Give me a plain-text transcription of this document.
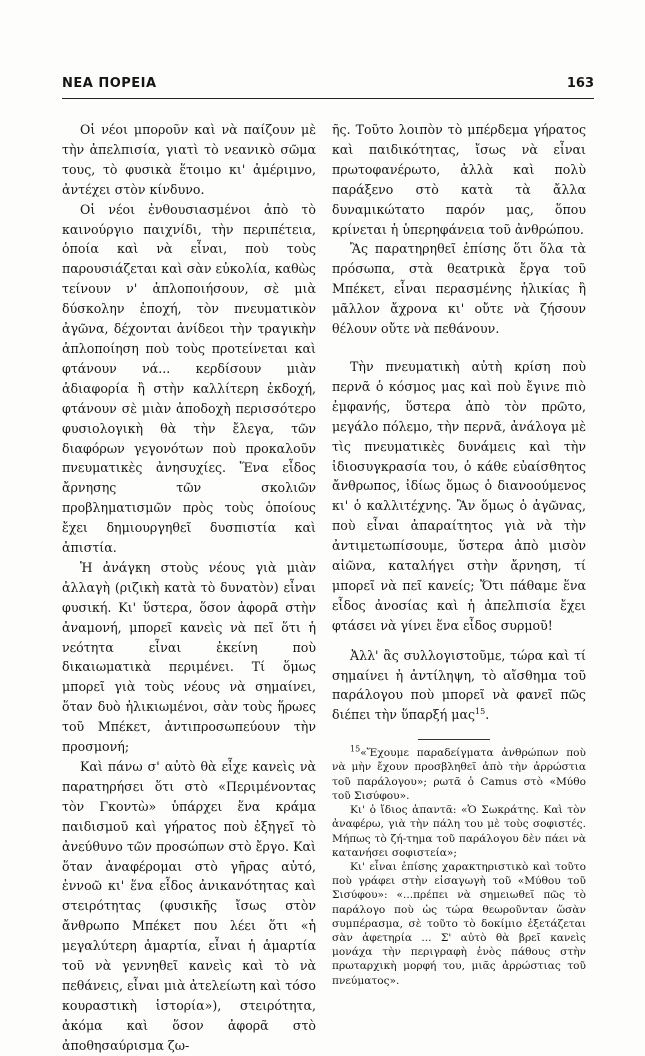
ΝΕΑ ΠΟΡΕΙΑ	163

Οἱ νέοι μποροῦν καὶ νὰ παίζουν μὲ τὴν ἀπελπισία, γιατὶ τὸ νεανικὸ σῶμα τους, τὸ φυσικὰ ἕτοιμο κι' ἀμέριμνο, ἀντέχει στὸν κίνδυνο.

Οἱ νέοι ἐνθουσιασμένοι ἀπὸ τὸ καινούργιο παιχνίδι, τὴν περιπέτεια, ὁποία καὶ νὰ εἶναι, ποὺ τοὺς παρουσιάζεται καὶ σὰν εὐκολία, καθὼς τείνουν ν' ἀπλοποιήσουν, σὲ μιὰ δύσκολην ἐποχή, τὸν πνευματικὸν ἀγῶνα, δέχονται ἀνίδεοι τὴν τραγικὴν ἀπλοποίηση ποὺ τοὺς προτείνεται καὶ φτάνουν νά... κερδίσουν μιὰν ἀδιαφορία ἢ στὴν καλλίτερη ἐκδοχή, φτάνουν σὲ μιὰν ἀποδοχὴ περισσότερο φυσιολογικὴ θὰ τὴν ἔλεγα, τῶν διαφόρων γεγονότων ποὺ προκαλοῦν πνευματικὲς ἀνησυχίες. Ἕνα εἶδος ἄρνησης τῶν σκολιῶν προβληματισμῶν πρὸς τοὺς ὁποίους ἔχει δημιουργηθεῖ δυσπιστία καὶ ἀπιστία.

Ἡ ἀνάγκη στοὺς νέους γιὰ μιὰν ἀλλαγὴ (ριζικὴ κατὰ τὸ δυνατὸν) εἶναι φυσική. Κι' ὕστερα, ὅσον ἀφορᾶ στὴν ἀναμονή, μπορεῖ κανεὶς νὰ πεῖ ὅτι ἡ νεότητα εἶναι ἐκείνη ποὺ δικαιωματικὰ περιμένει. Τί ὅμως μπορεῖ γιὰ τοὺς νέους νὰ σημαίνει, ὅταν δυὸ ἡλικιωμένοι, σὰν τοὺς ἥρωες τοῦ Μπέκετ, ἀντιπροσωπεύουν τὴν προσμονή;

Καὶ πάνω σ' αὐτὸ θὰ εἶχε κανεὶς νὰ παρατηρήσει ὅτι στὸ «Περιμένοντας τὸν Γκοντὼ» ὑπάρχει ἕνα κράμα παιδισμοῦ καὶ γήρατος ποὺ ἐξηγεῖ τὸ ἀνεύθυνο τῶν προσώπων στὸ ἔργο. Καὶ ὅταν ἀναφέρομαι στὸ γῆρας αὐτό, ἐννοῶ κι' ἕνα εἶδος ἀνικανότητας καὶ στειρότητας (φυσικῆς ἴσως στὸν ἄνθρωπο Μπέκετ που λέει ὅτι «ἡ μεγαλύτερη ἁμαρτία, εἶναι ἡ ἁμαρτία τοῦ νὰ γεννηθεῖ κανεὶς καὶ τὸ νὰ πεθάνεις, εἶναι μιὰ ἀτελείωτη καὶ τόσο κουραστικὴ ἱστορία»), στειρότητα, ἀκόμα καὶ ὅσον ἀφορᾶ στὸ ἀποθησαύρισμα ζω-

ῆς. Τοῦτο λοιπὸν τὸ μπέρδεμα γήρατος καὶ παιδικότητας, ἴσως νὰ εἶναι πρωτοφανέρωτο, ἀλλὰ καὶ πολὺ παράξενο στὸ κατὰ τὰ ἄλλα δυναμικώτατο παρόν μας, ὅπου κρίνεται ἡ ὑπερηφάνεια τοῦ ἀνθρώπου.

Ἂς παρατηρηθεῖ ἐπίσης ὅτι ὅλα τὰ πρόσωπα, στὰ θεατρικὰ ἔργα τοῦ Μπέκετ, εἶναι περασμένης ἡλικίας ἢ μᾶλλον ἄχρονα κι' οὔτε νὰ ζήσουν θέλουν οὔτε νὰ πεθάνουν.

Τὴν πνευματικὴ αὐτὴ κρίση ποὺ περνᾶ ὁ κόσμος μας καὶ ποὺ ἔγινε πιὸ ἐμφανής, ὕστερα ἀπὸ τὸν πρῶτο, μεγάλο πόλεμο, τὴν περνᾶ, ἀνάλογα μὲ τὶς πνευματικὲς δυνάμεις καὶ τὴν ἰδιοσυγκρασία του, ὁ κάθε εὐαίσθητος ἄνθρωπος, ἰδίως ὅμως ὁ διανοούμενος κι' ὁ καλλιτέχνης. Ἂν ὅμως ὁ ἀγῶνας, ποὺ εἶναι ἀπαραίτητος γιὰ νὰ τὴν ἀντιμετωπίσουμε, ὕστερα ἀπὸ μισὸν αἰῶνα, καταλήγει στὴν ἄρνηση, τί μπορεῖ νὰ πεῖ κανείς; Ὅτι πάθαμε ἕνα εἶδος ἀνοσίας καὶ ἡ ἀπελπισία ἔχει φτάσει νὰ γίνει ἕνα εἶδος συρμοῦ!

Ἀλλ' ἂς συλλογιστοῦμε, τώρα καὶ τί σημαίνει ἡ ἀντίληψη, τὸ αἴσθημα τοῦ παράλογου ποὺ μπορεῖ νὰ φανεῖ πῶς διέπει τὴν ὕπαρξή μας$^{15}$.

$^{15}$«Ἔχουμε παραδείγματα ἀνθρώπων ποὺ νὰ μὴν ἔχουν προσβληθεῖ ἀπὸ τὴν ἀρρώστια τοῦ παράλογου»; ρωτᾶ ὁ Camus στὸ «Μύθο τοῦ Σισύφου».

Κι' ὁ ἴδιος ἀπαντᾶ: «Ὁ Σωκράτης. Καὶ τὸν ἀναφέρω, γιὰ τὴν πάλη του μὲ τοὺς σοφιστές. Μήπως τὸ ζή-τημα τοῦ παράλογου δὲν πάει νὰ κατανήσει σοφιστεία»;

Κι' εἶναι ἐπίσης χαρακτηριστικὸ καὶ τοῦτο ποὺ γράφει στὴν εἰσαγωγὴ τοῦ «Μύθου τοῦ Σισύφου»: «...πρέπει νὰ σημειωθεῖ πῶς τὸ παράλογο ποὺ ὡς τώρα θεωροῦνταν ὥσὰν συμπέρασμα, σὲ τοῦτο τὸ δοκίμιο ἐξετάζεται σὰν ἀφετηρία ... Σ' αὐτὸ θὰ βρεῖ κανεὶς μονάχα τὴν περιγραφὴ ἑνὸς πάθους στὴν πρωταρχικὴ μορφή του, μιᾶς ἀρρώστιας τοῦ πνεύματος».
